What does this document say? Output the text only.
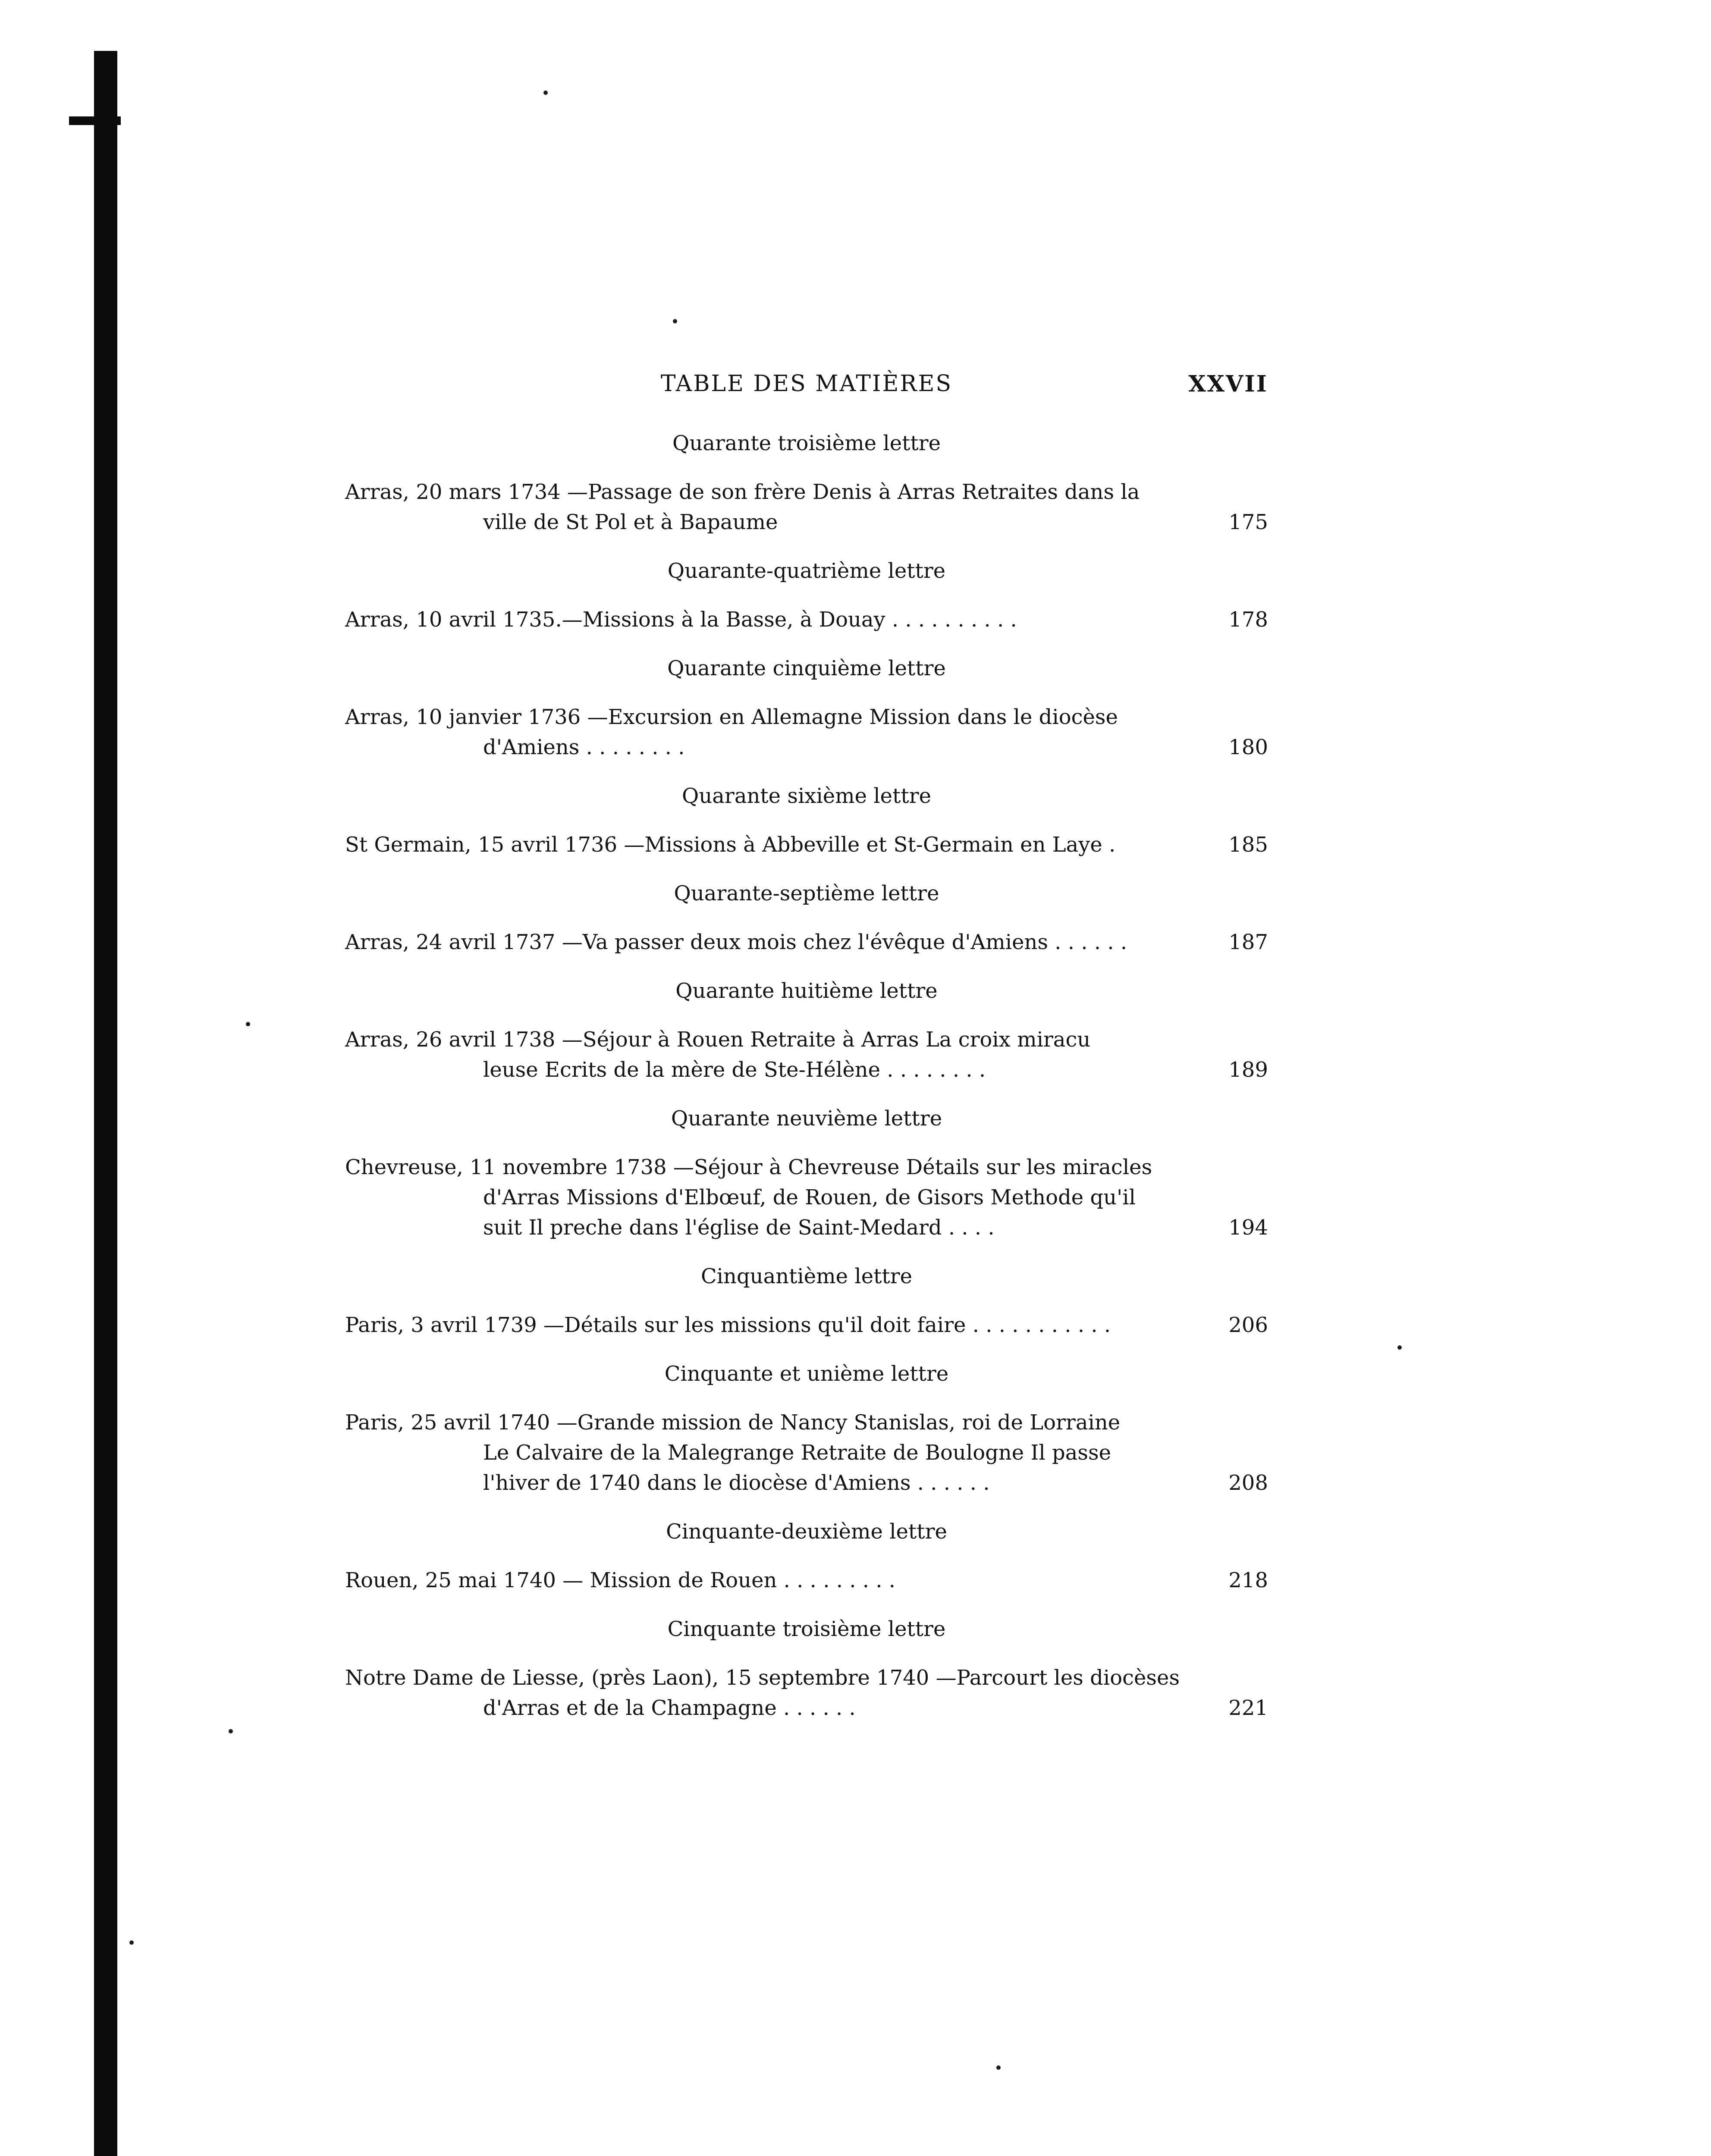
TABLE DES MATIÈRES	XXVII
Quarante troisième lettre
Arras, 20 mars 1734 —Passage de son frère Denis à Arras Retraites dans la
ville de St Pol et à Bapaume	175
Quarante-quatrième lettre
Arras, 10 avril 1735.—Missions à la Basse, à Douay . . . . . . . . . .	178
Quarante cinquième lettre
Arras, 10 janvier 1736 —Excursion en Allemagne Mission dans le diocèse
d'Amiens . . . . . . . .	180
Quarante sixième lettre
St Germain, 15 avril 1736 —Missions à Abbeville et St-Germain en Laye .	185
Quarante-septième lettre
Arras, 24 avril 1737 —Va passer deux mois chez l'évêque d'Amiens . . . . . .	187
Quarante huitième lettre
Arras, 26 avril 1738 —Séjour à Rouen Retraite à Arras La croix miracu
leuse Ecrits de la mère de Ste-Hélène . . . . . . . .	189
Quarante neuvième lettre
Chevreuse, 11 novembre 1738 —Séjour à Chevreuse Détails sur les miracles
d'Arras Missions d'Elbœuf, de Rouen, de Gisors Methode qu'il
suit Il preche dans l'église de Saint-Medard . . . .	194
Cinquantième lettre
Paris, 3 avril 1739 —Détails sur les missions qu'il doit faire . . . . . . . . . . .	206
Cinquante et unième lettre
Paris, 25 avril 1740 —Grande mission de Nancy Stanislas, roi de Lorraine
Le Calvaire de la Malegrange Retraite de Boulogne Il passe
l'hiver de 1740 dans le diocèse d'Amiens . . . . . .	208
Cinquante-deuxième lettre
Rouen, 25 mai 1740 — Mission de Rouen . . . . . . . . .	218
Cinquante troisième lettre
Notre Dame de Liesse, (près Laon), 15 septembre 1740 —Parcourt les diocèses
d'Arras et de la Champagne . . . . . .	221
